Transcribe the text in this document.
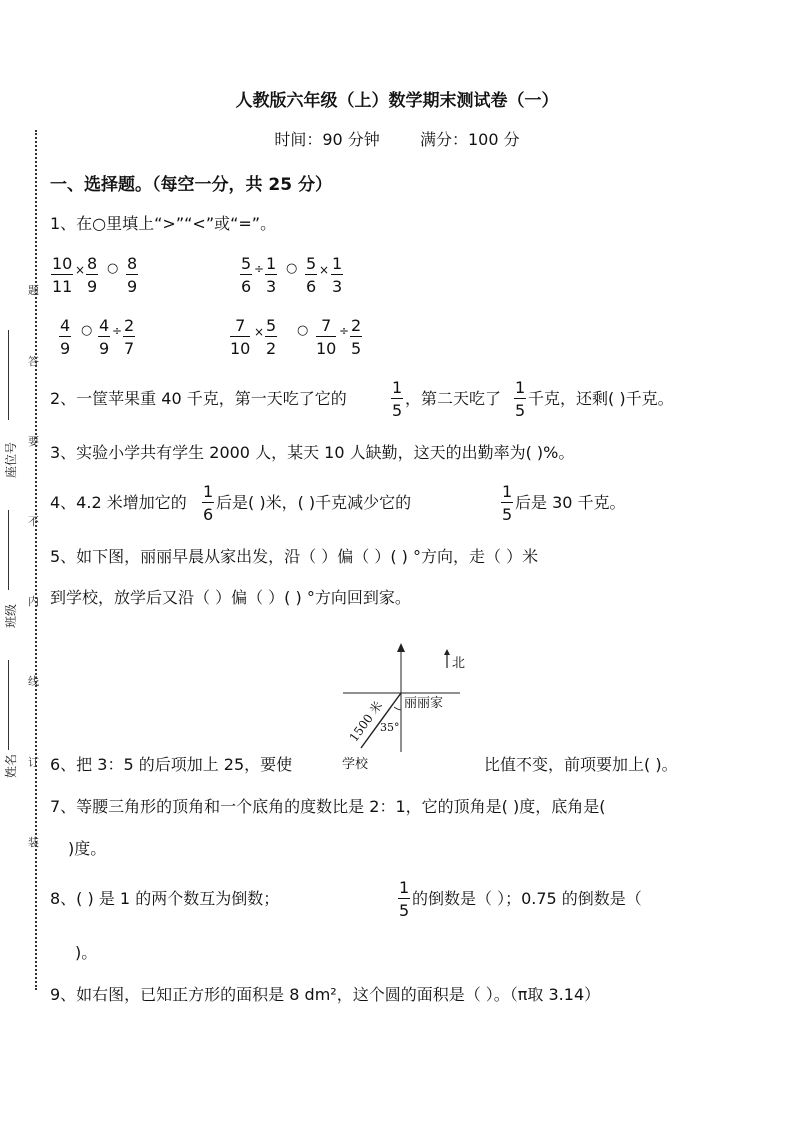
题
答
要
不
内
线
订
装
座位号
班级
姓名
人教版六年级（上）数学期末测试卷（一）
时间：90 分钟	满分：100 分
一、选择题。（每空一分，共 25 分）
1、在○里填上“>”“<”或“=”。
$\frac{10}{11} \times \frac{8}{9}$ ○ $\frac{8}{9}$	$\frac{5}{6} \div \frac{1}{3}$ ○ $\frac{5}{6} \times \frac{1}{3}$
$\frac{4}{9}$ ○ $\frac{4}{9} \div \frac{2}{7}$	$\frac{7}{10} \times \frac{5}{2}$ ○ $\frac{7}{10} \div \frac{2}{5}$
2、一筐苹果重 40 千克，第一天吃了它的	$\frac{1}{5}$ ，第二天吃了 $\frac{1}{5}$ 千克，还剩( )千克。
3、实验小学共有学生 2000 人，某天 10 人缺勤，这天的出勤率为( )%。
4、4.2 米增加它的 $\frac{1}{6}$ 后是( )米，( )千克减少它的	$\frac{1}{5}$ 后是 30 千克。
5、如下图，丽丽早晨从家出发，沿（ ）偏（ ）( ) °方向，走（ ）米
到学校，放学后又沿（ ）偏（ ）( ) °方向回到家。
北
丽丽家
1500 米
35°
学校
6、把 3：5 的后项加上 25，要使	比值不变，前项要加上( )。
7、等腰三角形的顶角和一个底角的度数比是 2：1，它的顶角是( )度，底角是(
)度。
8、( ) 是 1 的两个数互为倒数；	$\frac{1}{5}$ 的倒数是（ ）；0.75 的倒数是（
)。
9、如右图，已知正方形的面积是 8 dm²，这个圆的面积是（ ）。（π取 3.14）
